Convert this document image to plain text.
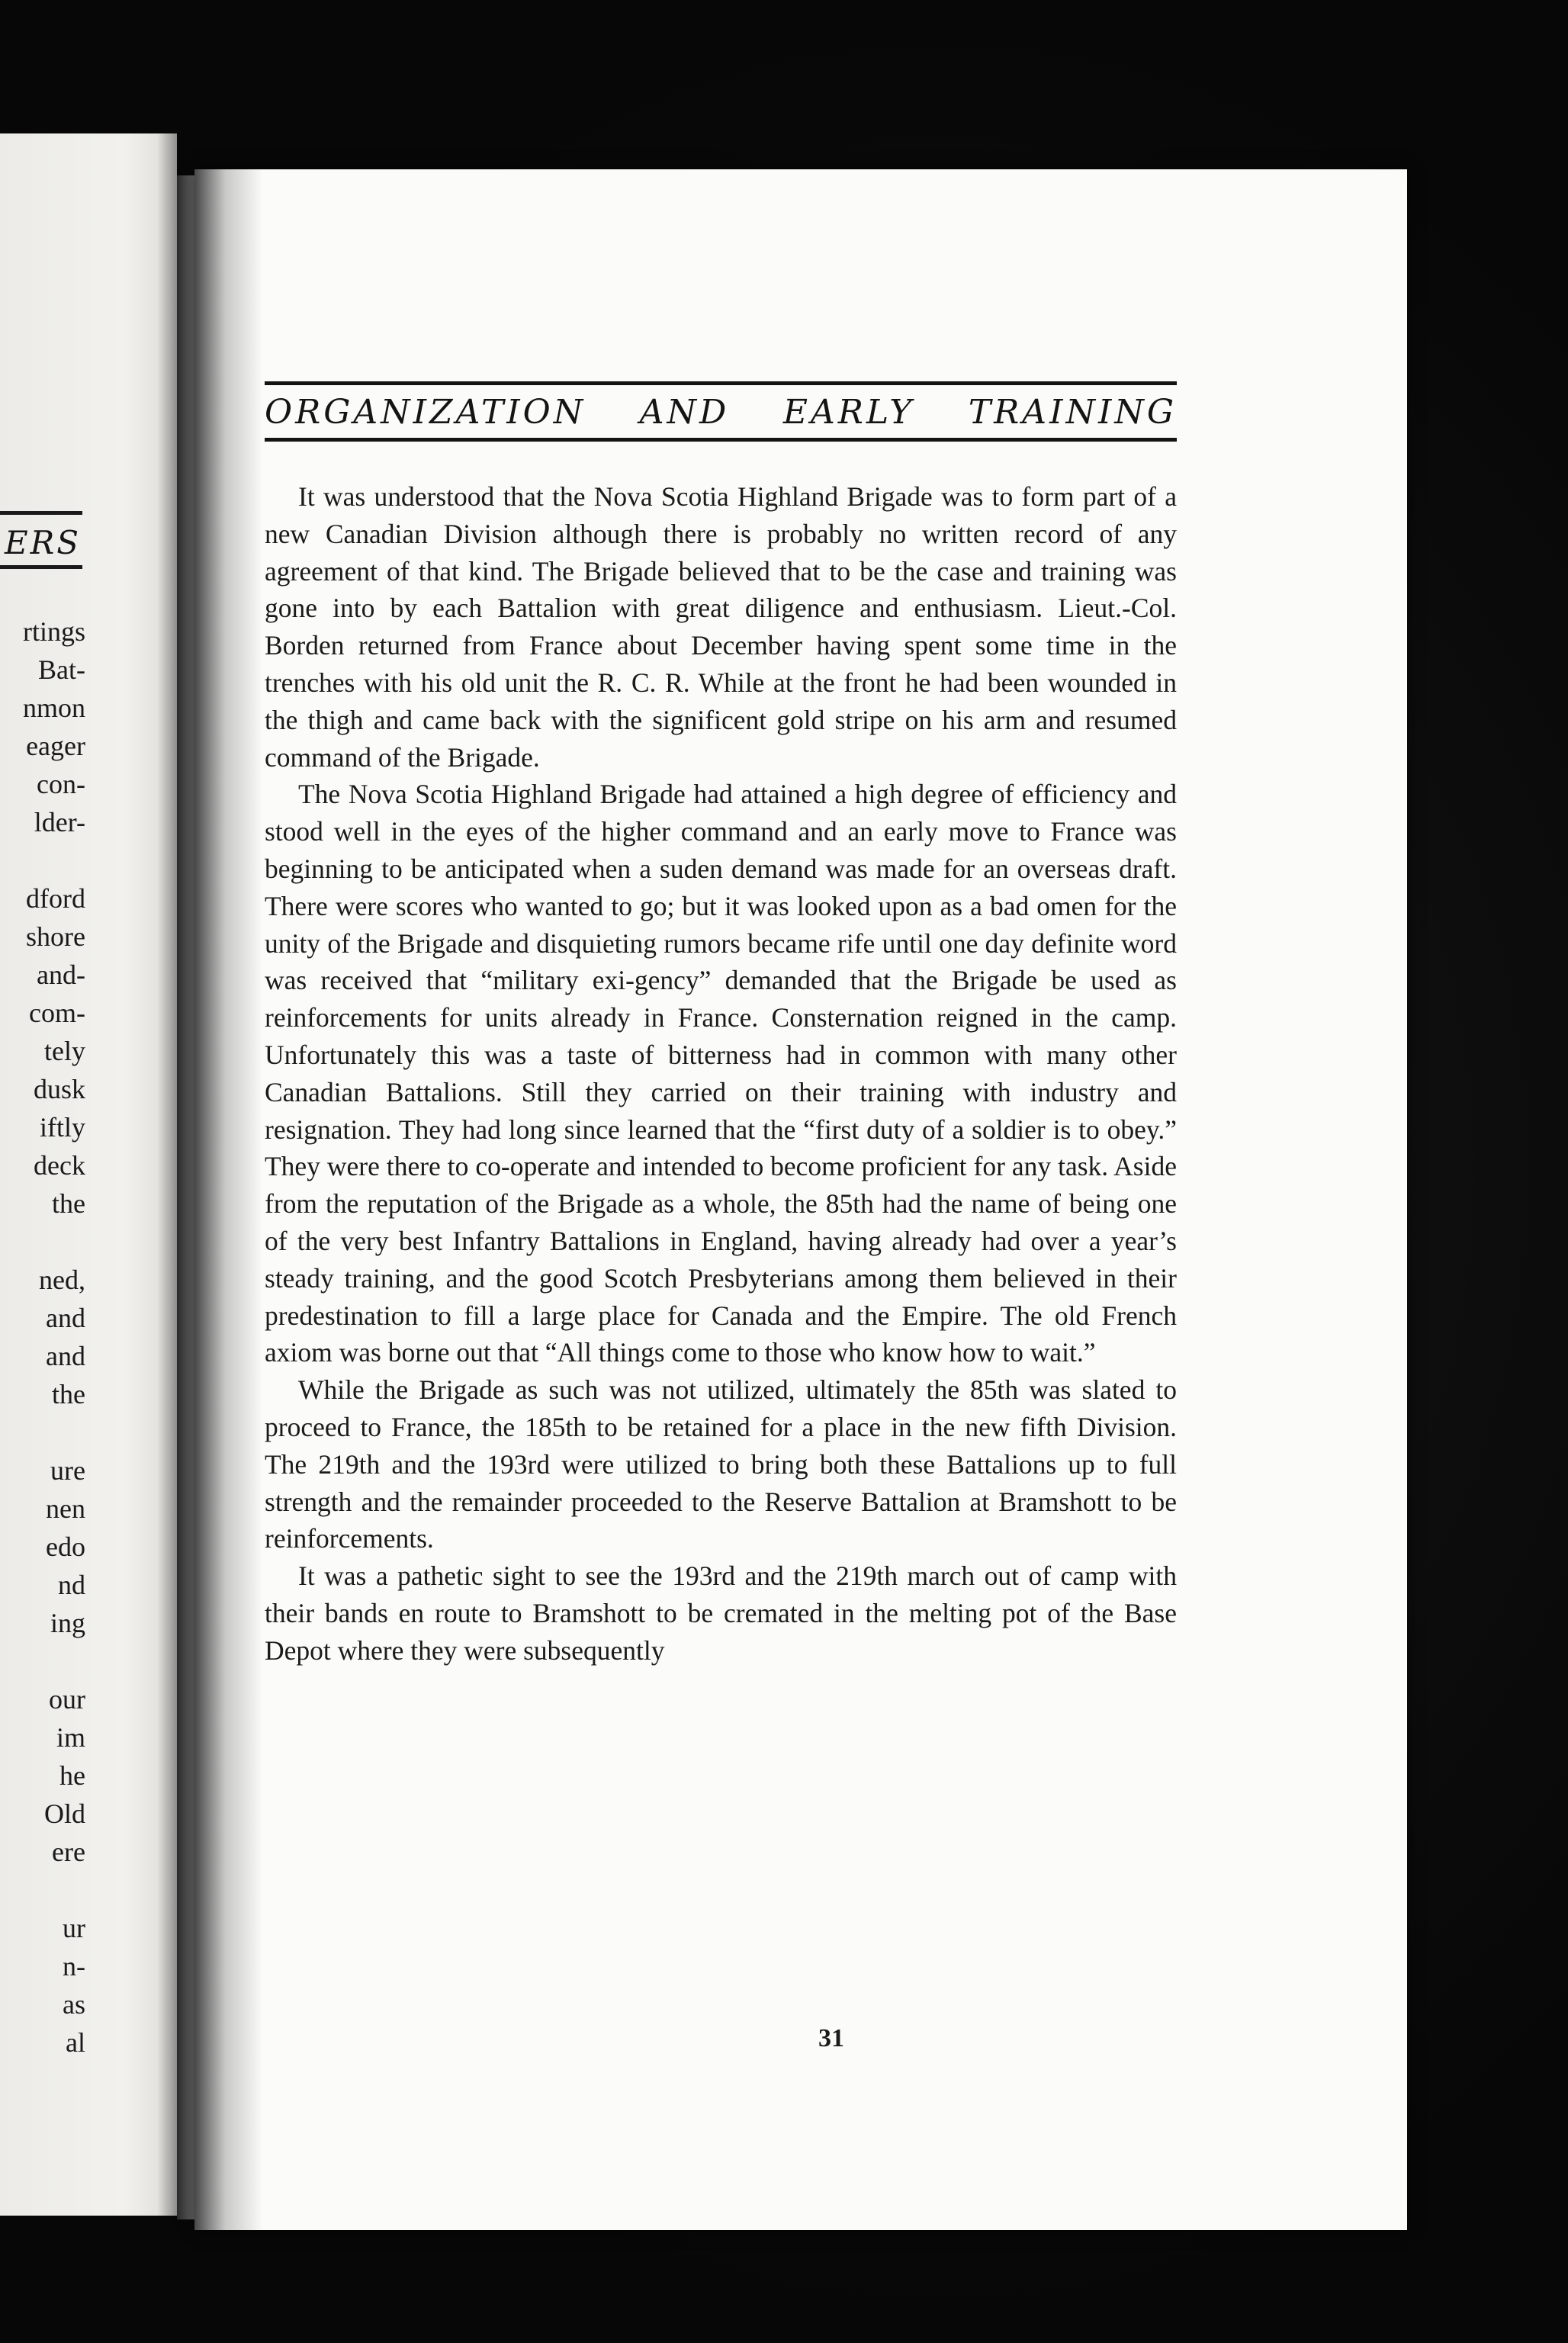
ERS
rtings
Bat-
nmon
eager
con-
lder-
dford
shore
and-
com-
tely
dusk
iftly
deck
the
ned,
and
and
the
ure
nen
edo
nd
ing
our
im
he
Old
ere
ur
n-
as
al
ORGANIZATION AND EARLY TRAINING

It was understood that the Nova Scotia Highland Brigade was to form part of a new Canadian Division although there is probably no written record of any agreement of that kind. The Brigade believed that to be the case and training was gone into by each Battalion with great diligence and enthusiasm. Lieut.-Col. Borden returned from France about December having spent some time in the trenches with his old unit the R. C. R. While at the front he had been wounded in the thigh and came back with the significent gold stripe on his arm and resumed command of the Brigade.

The Nova Scotia Highland Brigade had attained a high degree of efficiency and stood well in the eyes of the higher command and an early move to France was beginning to be anticipated when a suden demand was made for an overseas draft. There were scores who wanted to go; but it was looked upon as a bad omen for the unity of the Brigade and disquieting rumors became rife until one day definite word was received that “military exi-gency” demanded that the Brigade be used as reinforcements for units already in France. Consternation reigned in the camp. Unfortunately this was a taste of bitterness had in common with many other Canadian Battalions. Still they carried on their training with industry and resignation. They had long since learned that the “first duty of a soldier is to obey.” They were there to co-operate and intended to become proficient for any task. Aside from the reputation of the Brigade as a whole, the 85th had the name of being one of the very best Infantry Battalions in England, having already had over a year’s steady training, and the good Scotch Presbyterians among them believed in their predestination to fill a large place for Canada and the Empire. The old French axiom was borne out that “All things come to those who know how to wait.”

While the Brigade as such was not utilized, ultimately the 85th was slated to proceed to France, the 185th to be retained for a place in the new fifth Division. The 219th and the 193rd were utilized to bring both these Battalions up to full strength and the remainder proceeded to the Reserve Battalion at Bramshott to be reinforcements.

It was a pathetic sight to see the 193rd and the 219th march out of camp with their bands en route to Bramshott to be cremated in the melting pot of the Base Depot where they were subsequently

31
